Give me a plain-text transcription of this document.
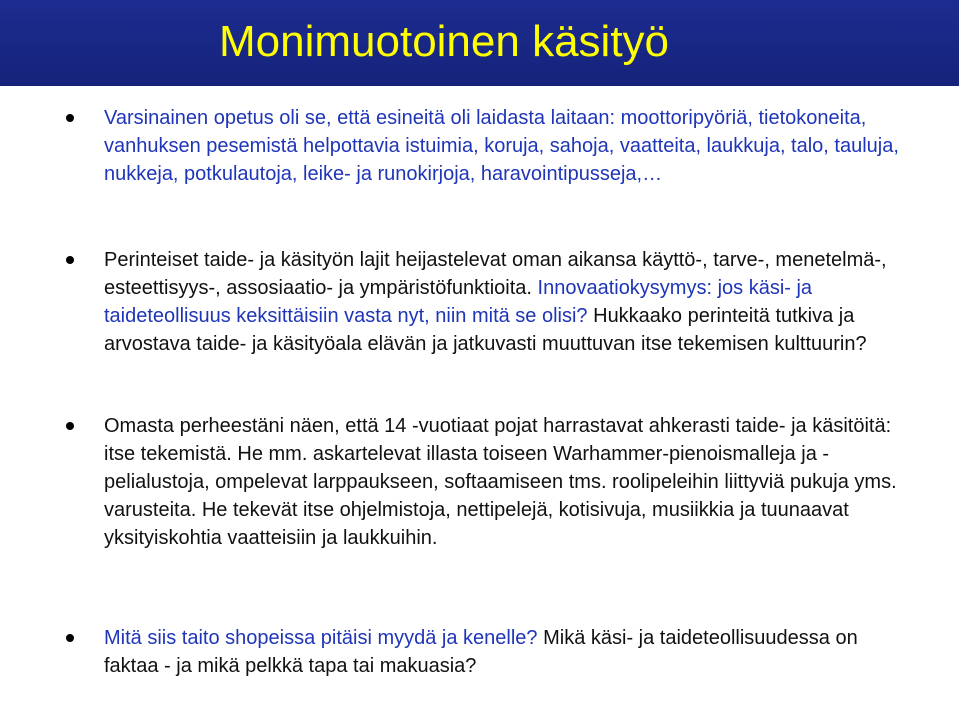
Monimuotoinen käsityö
Varsinainen opetus oli se, että esineitä oli laidasta laitaan: moottoripyöriä, tietokoneita, vanhuksen pesemistä helpottavia istuimia, koruja, sahoja, vaatteita, laukkuja, talo, tauluja, nukkeja, potkulautoja, leike- ja runokirjoja, haravointipusseja,…
Perinteiset taide- ja käsityön lajit heijastelevat oman aikansa käyttö-, tarve-, menetelmä-, esteettisyys-, assosiaatio- ja ympäristöfunktioita. Innovaatiokysymys: jos käsi- ja taideteollisuus keksittäisiin vasta nyt, niin mitä se olisi? Hukkaako perinteitä tutkiva ja arvostava taide- ja käsityöala elävän ja jatkuvasti muuttuvan itse tekemisen kulttuurin?
Omasta perheestäni näen, että 14 -vuotiaat pojat harrastavat ahkerasti taide- ja käsitöitä: itse tekemistä. He mm. askartelevat illasta toiseen Warhammer-pienoismalleja ja -pelialustoja, ompelevat larppaukseen, softaamiseen tms. roolipeleihin liittyviä pukuja yms. varusteita. He tekevät itse ohjelmistoja, nettipelejä, kotisivuja, musiikkia ja tuunaavat yksityiskohtia vaatteisiin ja laukkuihin.
Mitä siis taito shopeissa pitäisi myydä ja kenelle? Mikä käsi- ja taideteollisuudessa on faktaa - ja mikä pelkkä tapa tai makuasia?
